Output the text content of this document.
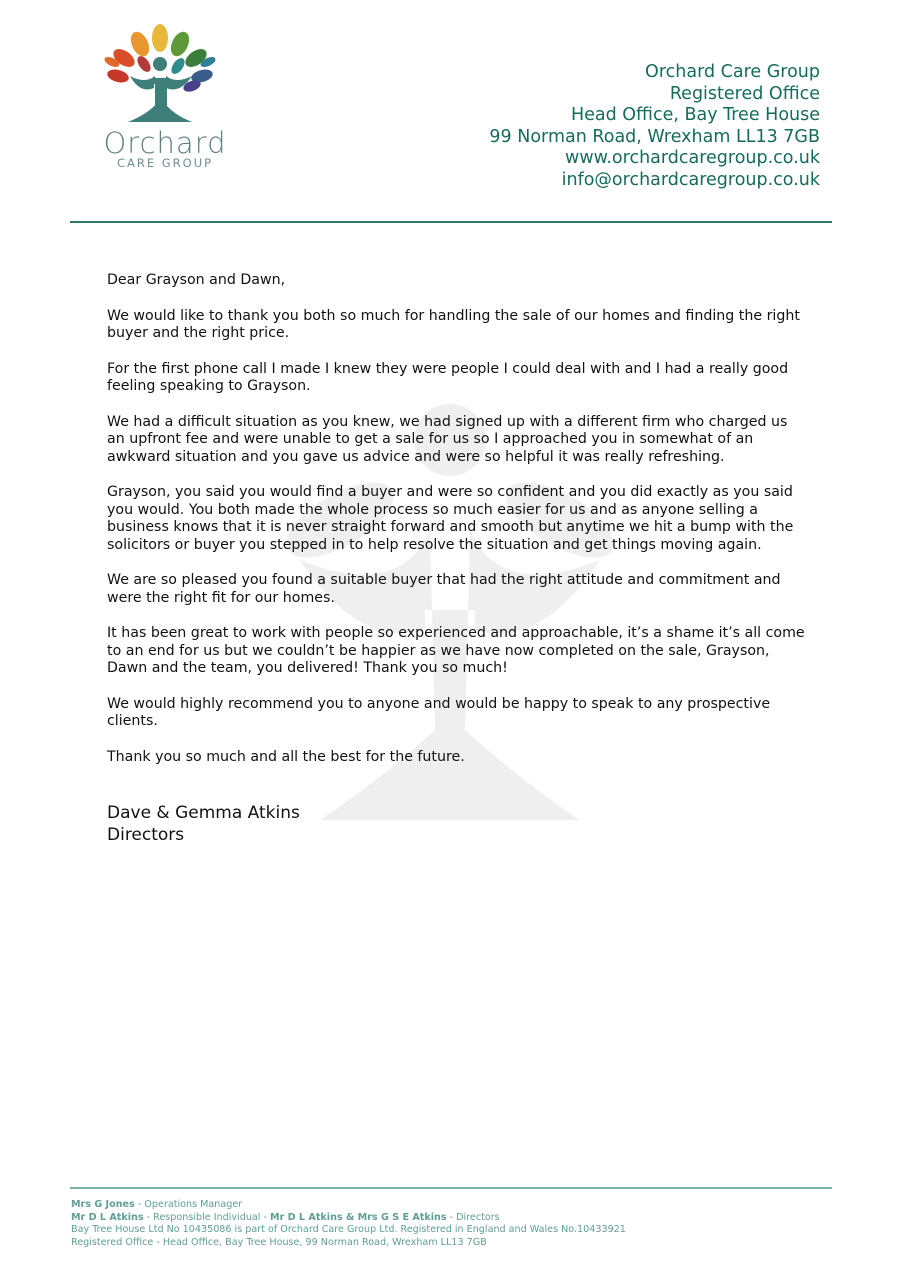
Orchard
CARE GROUP
Orchard Care Group
Registered Office
Head Office, Bay Tree House
99 Norman Road, Wrexham LL13 7GB
www.orchardcaregroup.co.uk
info@orchardcaregroup.co.uk

Dear Grayson and Dawn,

We would like to thank you both so much for handling the sale of our homes and finding the right buyer and the right price.

For the first phone call I made I knew they were people I could deal with and I had a really good feeling speaking to Grayson.

We had a difficult situation as you knew, we had signed up with a different firm who charged us an upfront fee and were unable to get a sale for us so I approached you in somewhat of an awkward situation and you gave us advice and were so helpful it was really refreshing.

Grayson, you said you would find a buyer and were so confident and you did exactly as you said you would. You both made the whole process so much easier for us and as anyone selling a business knows that it is never straight forward and smooth but anytime we hit a bump with the solicitors or buyer you stepped in to help resolve the situation and get things moving again.

We are so pleased you found a suitable buyer that had the right attitude and commitment and were the right fit for our homes.

It has been great to work with people so experienced and approachable, it’s a shame it’s all come to an end for us but we couldn’t be happier as we have now completed on the sale, Grayson, Dawn and the team, you delivered! Thank you so much!

We would highly recommend you to anyone and would be happy to speak to any prospective clients.

Thank you so much and all the best for the future.

Dave & Gemma Atkins
Directors
Mrs G Jones - Operations Manager
Mr D L Atkins - Responsible Individual - Mr D L Atkins & Mrs G S E Atkins - Directors
Bay Tree House Ltd No 10435086 is part of Orchard Care Group Ltd. Registered in England and Wales No.10433921
Registered Office - Head Office, Bay Tree House, 99 Norman Road, Wrexham LL13 7GB
